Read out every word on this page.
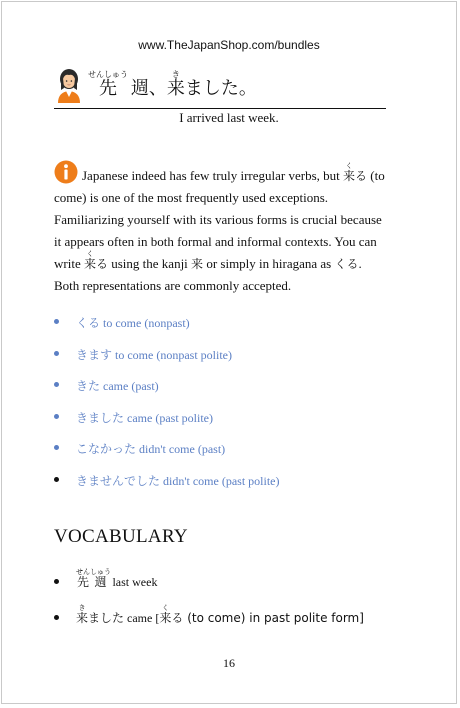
www.TheJapanShop.com/bundles
先せんしゅう 週、来きました。
I arrived last week.
Japanese indeed has few truly irregular verbs, but 来くる (to come) is one of the most frequently used exceptions. Familiarizing yourself with its various forms is crucial because it appears often in both formal and informal contexts. You can write 来くる using the kanji 来 or simply in hiragana as くる. Both representations are commonly accepted.
くる to come (nonpast)
きます to come (nonpast polite)
きた came (past)
きました came (past polite)
こなかった didn't come (past)
きませんでした didn't come (past polite)
VOCABULARY
先せん週しゅう last week
来きました came [来くる (to come) in past polite form]
16
